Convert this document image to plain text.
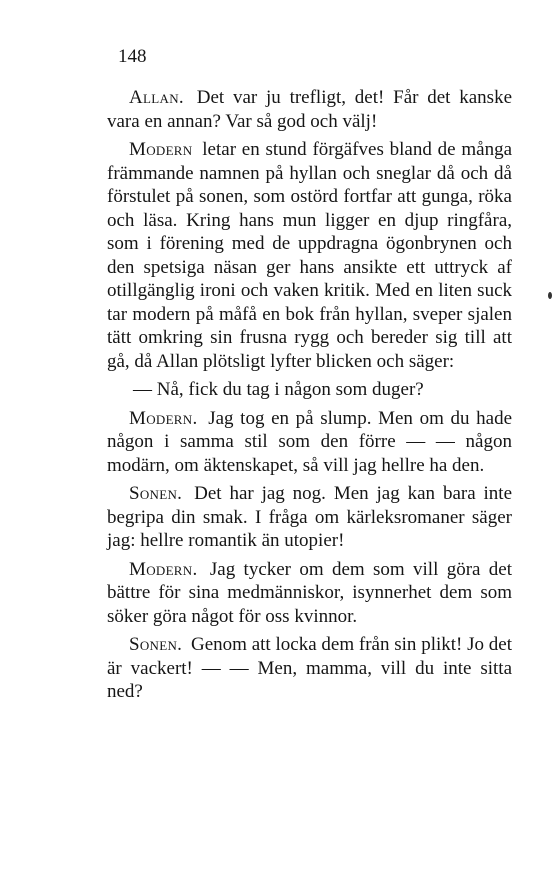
148

Allan. Det var ju trefligt, det! Får det kanske vara en annan? Var så god och välj!

Modern letar en stund förgäfves bland de många främmande namnen på hyllan och sneglar då och då förstulet på sonen, som ostörd fortfar att gunga, röka och läsa. Kring hans mun ligger en djup ringfåra, som i förening med de uppdragna ögonbrynen och den spetsiga näsan ger hans ansikte ett uttryck af otillgänglig ironi och vaken kritik. Med en liten suck tar modern på måfå en bok från hyllan, sveper sjalen tätt omkring sin frusna rygg och bereder sig till att gå, då Allan plötsligt lyfter blicken och säger:

— Nå, fick du tag i någon som duger?

Modern. Jag tog en på slump. Men om du hade någon i samma stil som den förre — — någon modärn, om äktenskapet, så vill jag hellre ha den.

Sonen. Det har jag nog. Men jag kan bara inte begripa din smak. I fråga om kärleksromaner säger jag: hellre romantik än utopier!

Modern. Jag tycker om dem som vill göra det bättre för sina medmänniskor, isynnerhet dem som söker göra något för oss kvinnor.

Sonen. Genom att locka dem från sin plikt! Jo det är vackert! — — Men, mamma, vill du inte sitta ned?
